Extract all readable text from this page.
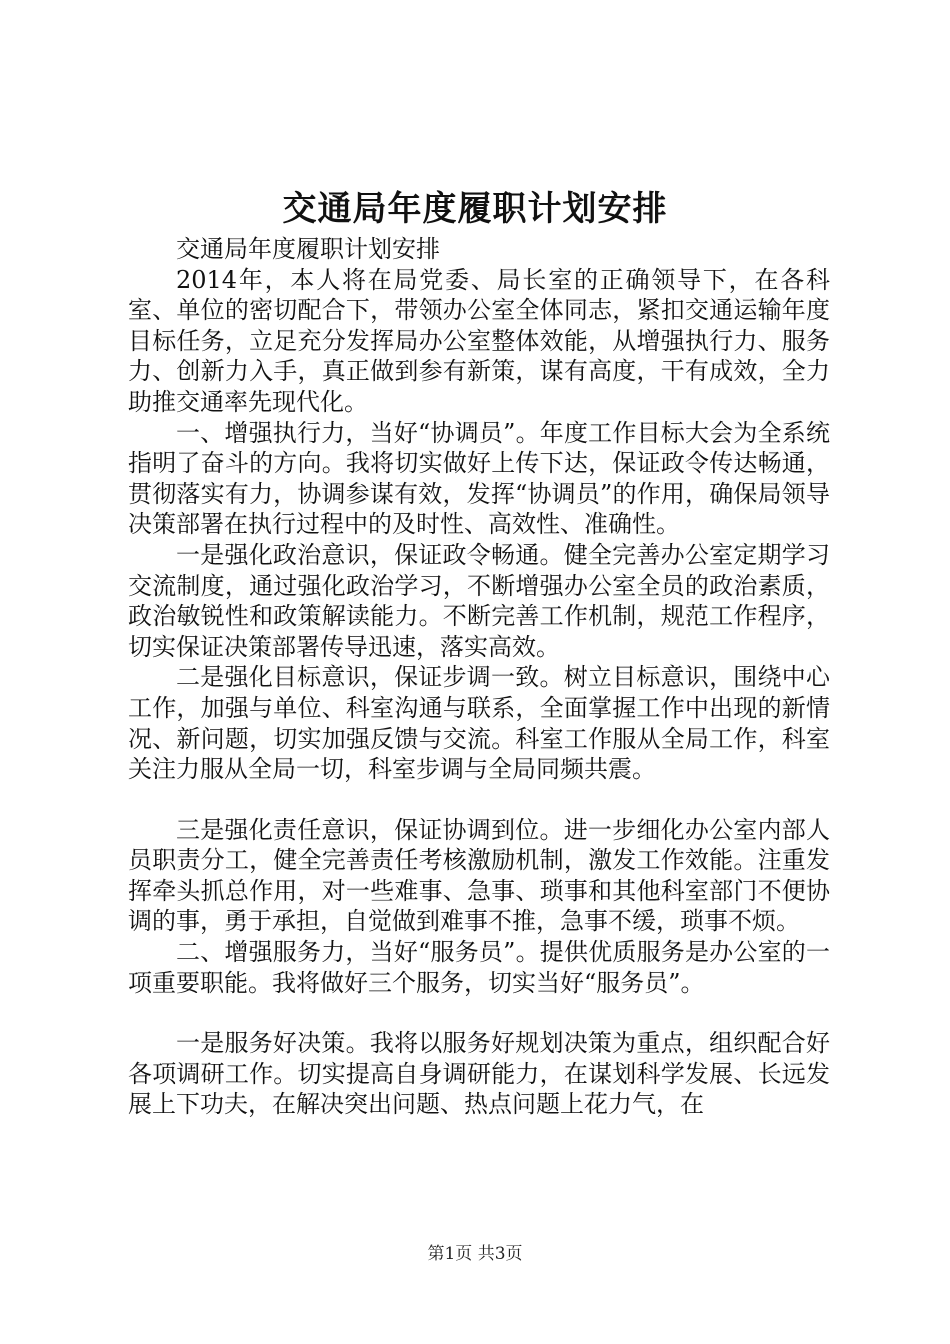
交通局年度履职计划安排

交通局年度履职计划安排

2014年，本人将在局党委、局长室的正确领导下，在各科室、单位的密切配合下，带领办公室全体同志，紧扣交通运输年度目标任务，立足充分发挥局办公室整体效能，从增强执行力、服务力、创新力入手，真正做到参有新策，谋有高度，干有成效，全力助推交通率先现代化。

一、增强执行力，当好“协调员”。年度工作目标大会为全系统指明了奋斗的方向。我将切实做好上传下达，保证政令传达畅通，贯彻落实有力，协调参谋有效，发挥“协调员”的作用，确保局领导决策部署在执行过程中的及时性、高效性、准确性。

一是强化政治意识，保证政令畅通。健全完善办公室定期学习交流制度，通过强化政治学习，不断增强办公室全员的政治素质，政治敏锐性和政策解读能力。不断完善工作机制，规范工作程序，切实保证决策部署传导迅速，落实高效。

二是强化目标意识，保证步调一致。树立目标意识，围绕中心工作，加强与单位、科室沟通与联系，全面掌握工作中出现的新情况、新问题，切实加强反馈与交流。科室工作服从全局工作，科室关注力服从全局一切，科室步调与全局同频共震。

三是强化责任意识，保证协调到位。进一步细化办公室内部人员职责分工，健全完善责任考核激励机制，激发工作效能。注重发挥牵头抓总作用，对一些难事、急事、琐事和其他科室部门不便协调的事，勇于承担，自觉做到难事不推，急事不缓，琐事不烦。

二、增强服务力，当好“服务员”。提供优质服务是办公室的一项重要职能。我将做好三个服务，切实当好“服务员”。

一是服务好决策。我将以服务好规划决策为重点，组织配合好各项调研工作。切实提高自身调研能力，在谋划科学发展、长远发展上下功夫，在解决突出问题、热点问题上花力气，在

第1页 共3页
